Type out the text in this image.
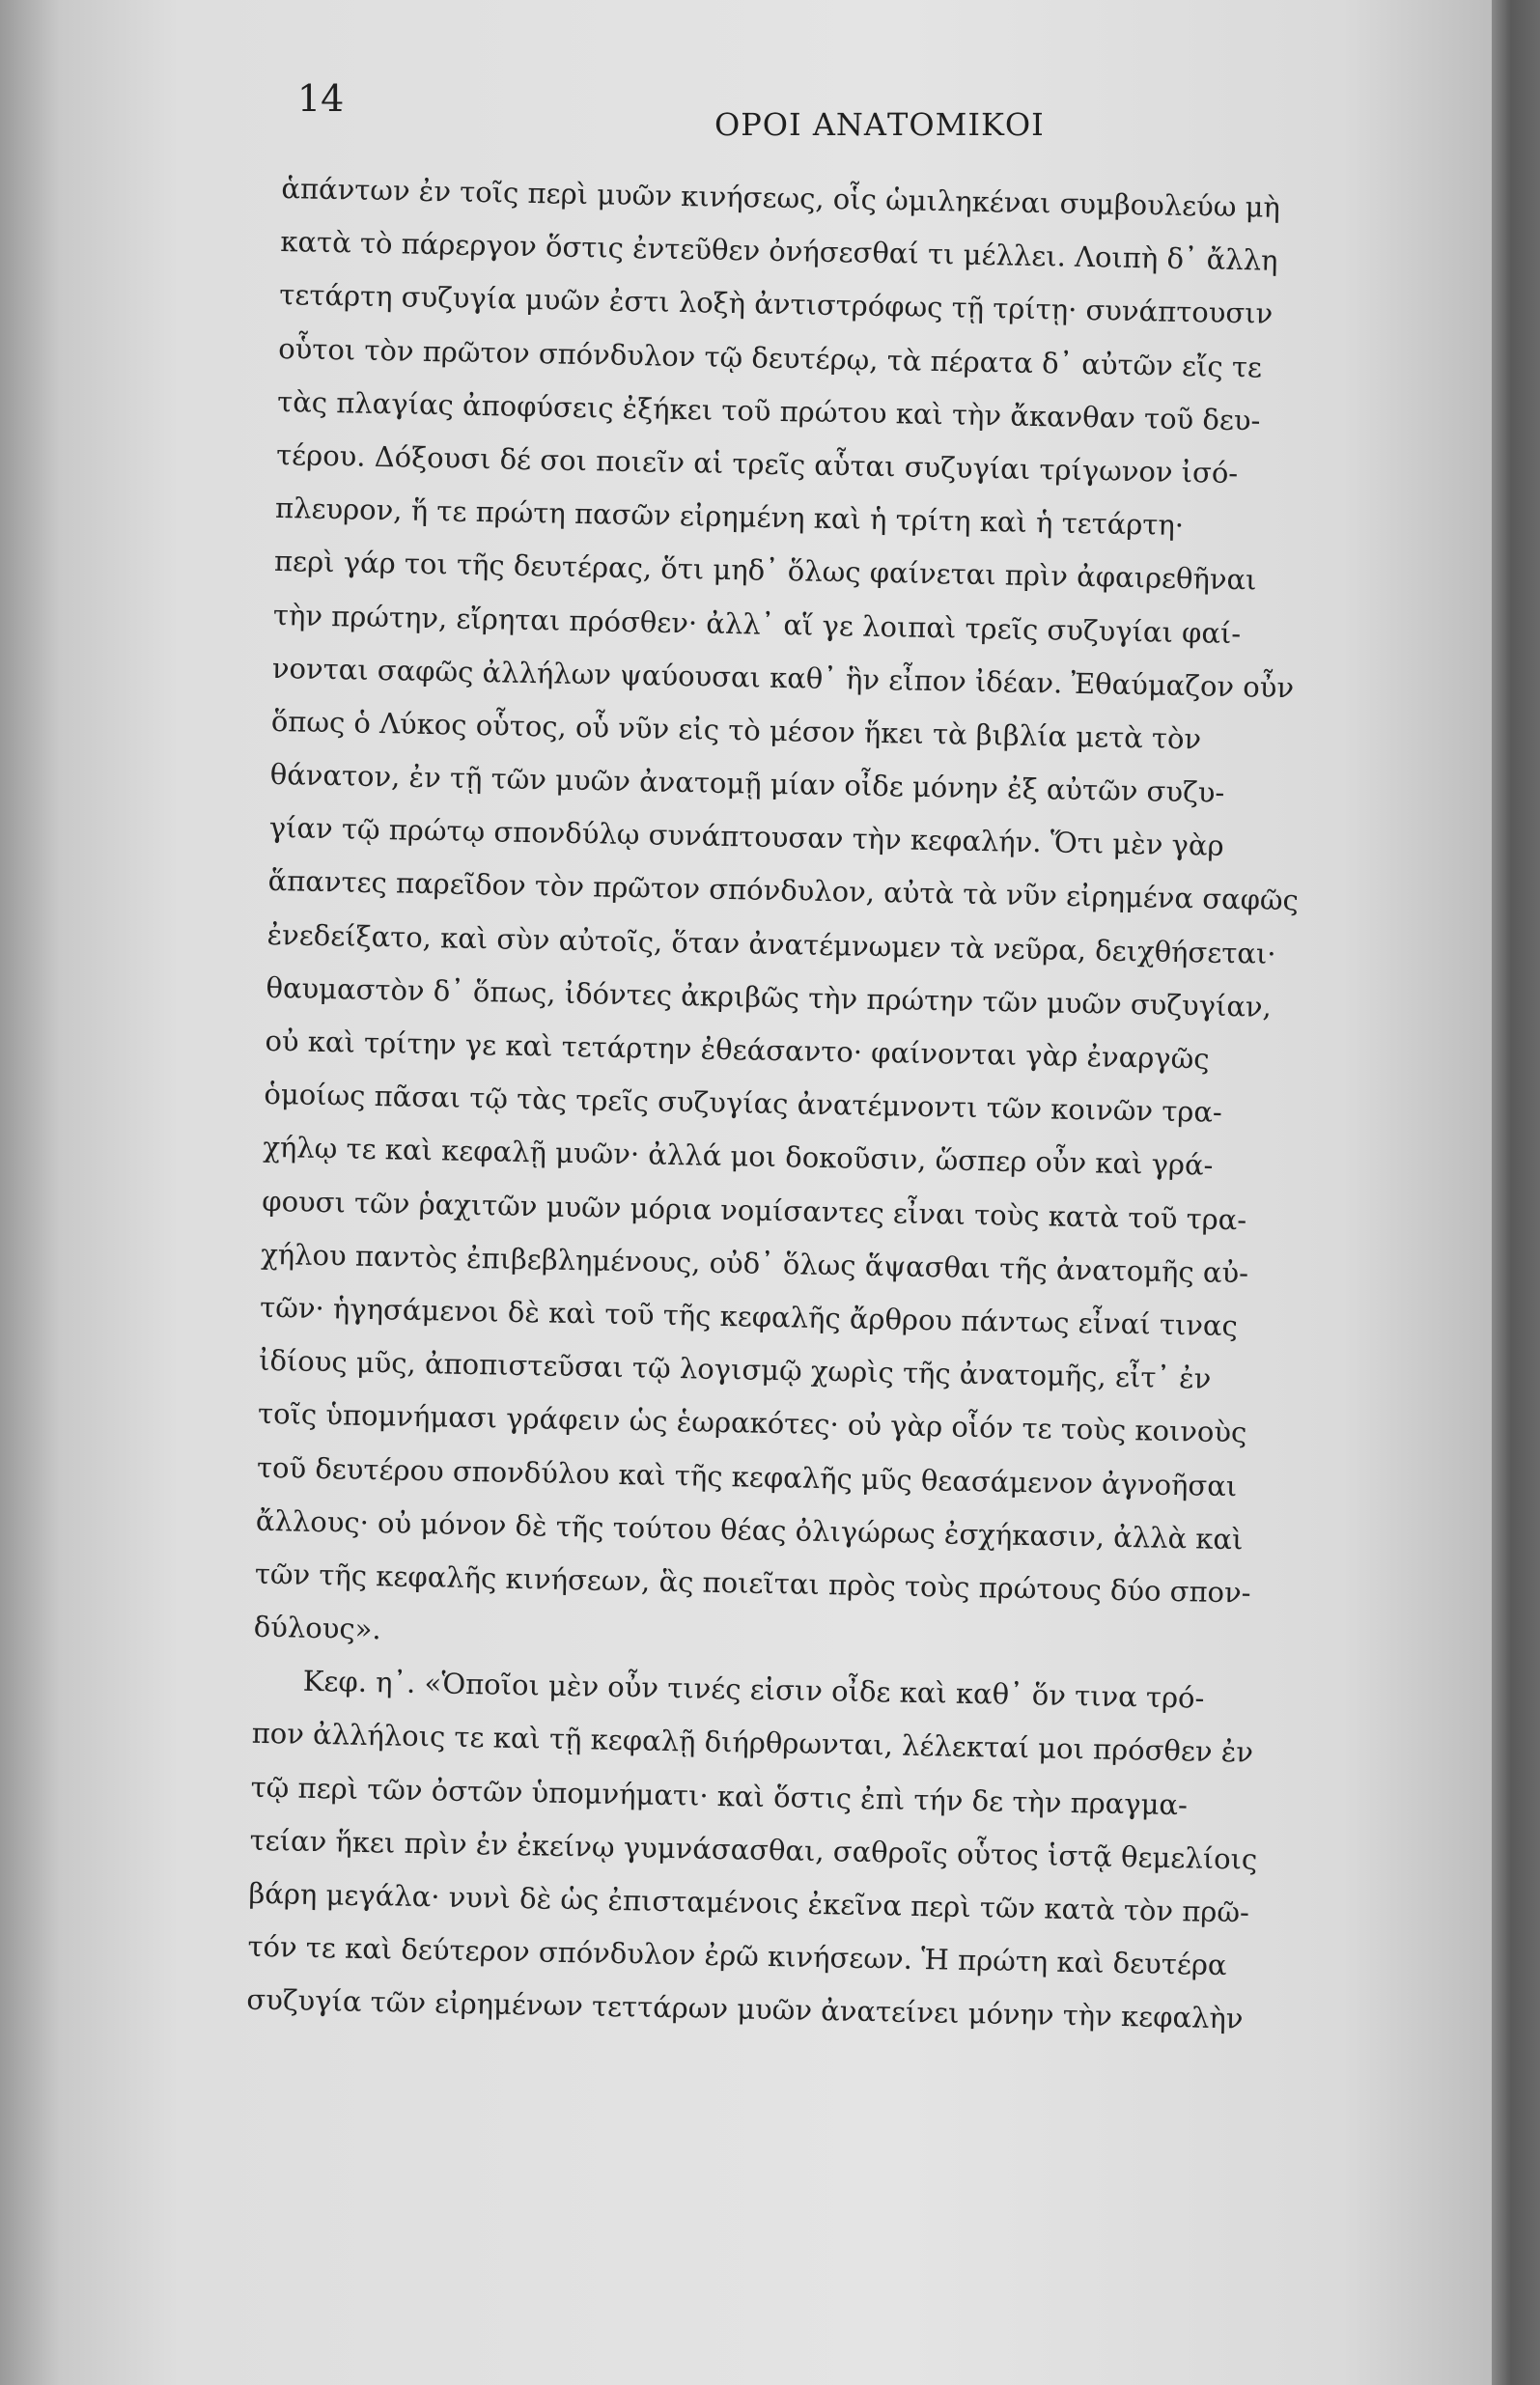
14
ΟΡΟΙ ΑΝΑΤΟΜΙΚΟΙ
ἁπάντων ἐν τοῖς περὶ μυῶν κινήσεως, οἷς ὡμιληκέναι συμβουλεύω μὴ
κατὰ τὸ πάρεργον ὅστις ἐντεῦθεν ὀνήσεσθαί τι μέλλει. Λοιπὴ δ᾽ ἄλλη
τετάρτη συζυγία μυῶν ἐστι λοξὴ ἀντιστρόφως τῇ τρίτῃ· συνάπτουσιν
οὗτοι τὸν πρῶτον σπόνδυλον τῷ δευτέρῳ, τὰ πέρατα δ᾽ αὐτῶν εἴς τε
τὰς πλαγίας ἀποφύσεις ἐξήκει τοῦ πρώτου καὶ τὴν ἄκανθαν τοῦ δευ-
τέρου. Δόξουσι δέ σοι ποιεῖν αἱ τρεῖς αὗται συζυγίαι τρίγωνον ἰσό-
πλευρον, ἥ τε πρώτη πασῶν εἰρημένη καὶ ἡ τρίτη καὶ ἡ τετάρτη·
περὶ γάρ τοι τῆς δευτέρας, ὅτι μηδ᾽ ὅλως φαίνεται πρὶν ἀφαιρεθῆναι
τὴν πρώτην, εἴρηται πρόσθεν· ἀλλ᾽ αἵ γε λοιπαὶ τρεῖς συζυγίαι φαί-
νονται σαφῶς ἀλλήλων ψαύουσαι καθ᾽ ἣν εἶπον ἰδέαν. Ἐθαύμαζον οὖν
ὅπως ὁ Λύκος οὗτος, οὗ νῦν εἰς τὸ μέσον ἥκει τὰ βιβλία μετὰ τὸν
θάνατον, ἐν τῇ τῶν μυῶν ἀνατομῇ μίαν οἶδε μόνην ἐξ αὐτῶν συζυ-
γίαν τῷ πρώτῳ σπονδύλῳ συνάπτουσαν τὴν κεφαλήν. Ὅτι μὲν γὰρ
ἅπαντες παρεῖδον τὸν πρῶτον σπόνδυλον, αὐτὰ τὰ νῦν εἰρημένα σαφῶς
ἐνεδείξατο, καὶ σὺν αὐτοῖς, ὅταν ἀνατέμνωμεν τὰ νεῦρα, δειχθήσεται·
θαυμαστὸν δ᾽ ὅπως, ἰδόντες ἀκριβῶς τὴν πρώτην τῶν μυῶν συζυγίαν,
οὐ καὶ τρίτην γε καὶ τετάρτην ἐθεάσαντο· φαίνονται γὰρ ἐναργῶς
ὁμοίως πᾶσαι τῷ τὰς τρεῖς συζυγίας ἀνατέμνοντι τῶν κοινῶν τρα-
χήλῳ τε καὶ κεφαλῇ μυῶν· ἀλλά μοι δοκοῦσιν, ὥσπερ οὖν καὶ γρά-
φουσι τῶν ῥαχιτῶν μυῶν μόρια νομίσαντες εἶναι τοὺς κατὰ τοῦ τρα-
χήλου παντὸς ἐπιβεβλημένους, οὐδ᾽ ὅλως ἅψασθαι τῆς ἀνατομῆς αὐ-
τῶν· ἡγησάμενοι δὲ καὶ τοῦ τῆς κεφαλῆς ἄρθρου πάντως εἶναί τινας
ἰδίους μῦς, ἀποπιστεῦσαι τῷ λογισμῷ χωρὶς τῆς ἀνατομῆς, εἶτ᾽ ἐν
τοῖς ὑπομνήμασι γράφειν ὡς ἑωρακότες· οὐ γὰρ οἷόν τε τοὺς κοινοὺς
τοῦ δευτέρου σπονδύλου καὶ τῆς κεφαλῆς μῦς θεασάμενον ἀγνοῆσαι
ἄλλους· οὐ μόνον δὲ τῆς τούτου θέας ὀλιγώρως ἐσχήκασιν, ἀλλὰ καὶ
τῶν τῆς κεφαλῆς κινήσεων, ἃς ποιεῖται πρὸς τοὺς πρώτους δύο σπον-
δύλους».
Κεφ. η᾽. «Ὁποῖοι μὲν οὖν τινές εἰσιν οἶδε καὶ καθ᾽ ὅν τινα τρό-
πον ἀλλήλοις τε καὶ τῇ κεφαλῇ διήρθρωνται, λέλεκταί μοι πρόσθεν ἐν
τῷ περὶ τῶν ὀστῶν ὑπομνήματι· καὶ ὅστις ἐπὶ τήν δε τὴν πραγμα-
τείαν ἥκει πρὶν ἐν ἐκείνῳ γυμνάσασθαι, σαθροῖς οὗτος ἱστᾷ θεμελίοις
βάρη μεγάλα· νυνὶ δὲ ὡς ἐπισταμένοις ἐκεῖνα περὶ τῶν κατὰ τὸν πρῶ-
τόν τε καὶ δεύτερον σπόνδυλον ἐρῶ κινήσεων. Ἡ πρώτη καὶ δευτέρα
συζυγία τῶν εἰρημένων τεττάρων μυῶν ἀνατείνει μόνην τὴν κεφαλὴν
